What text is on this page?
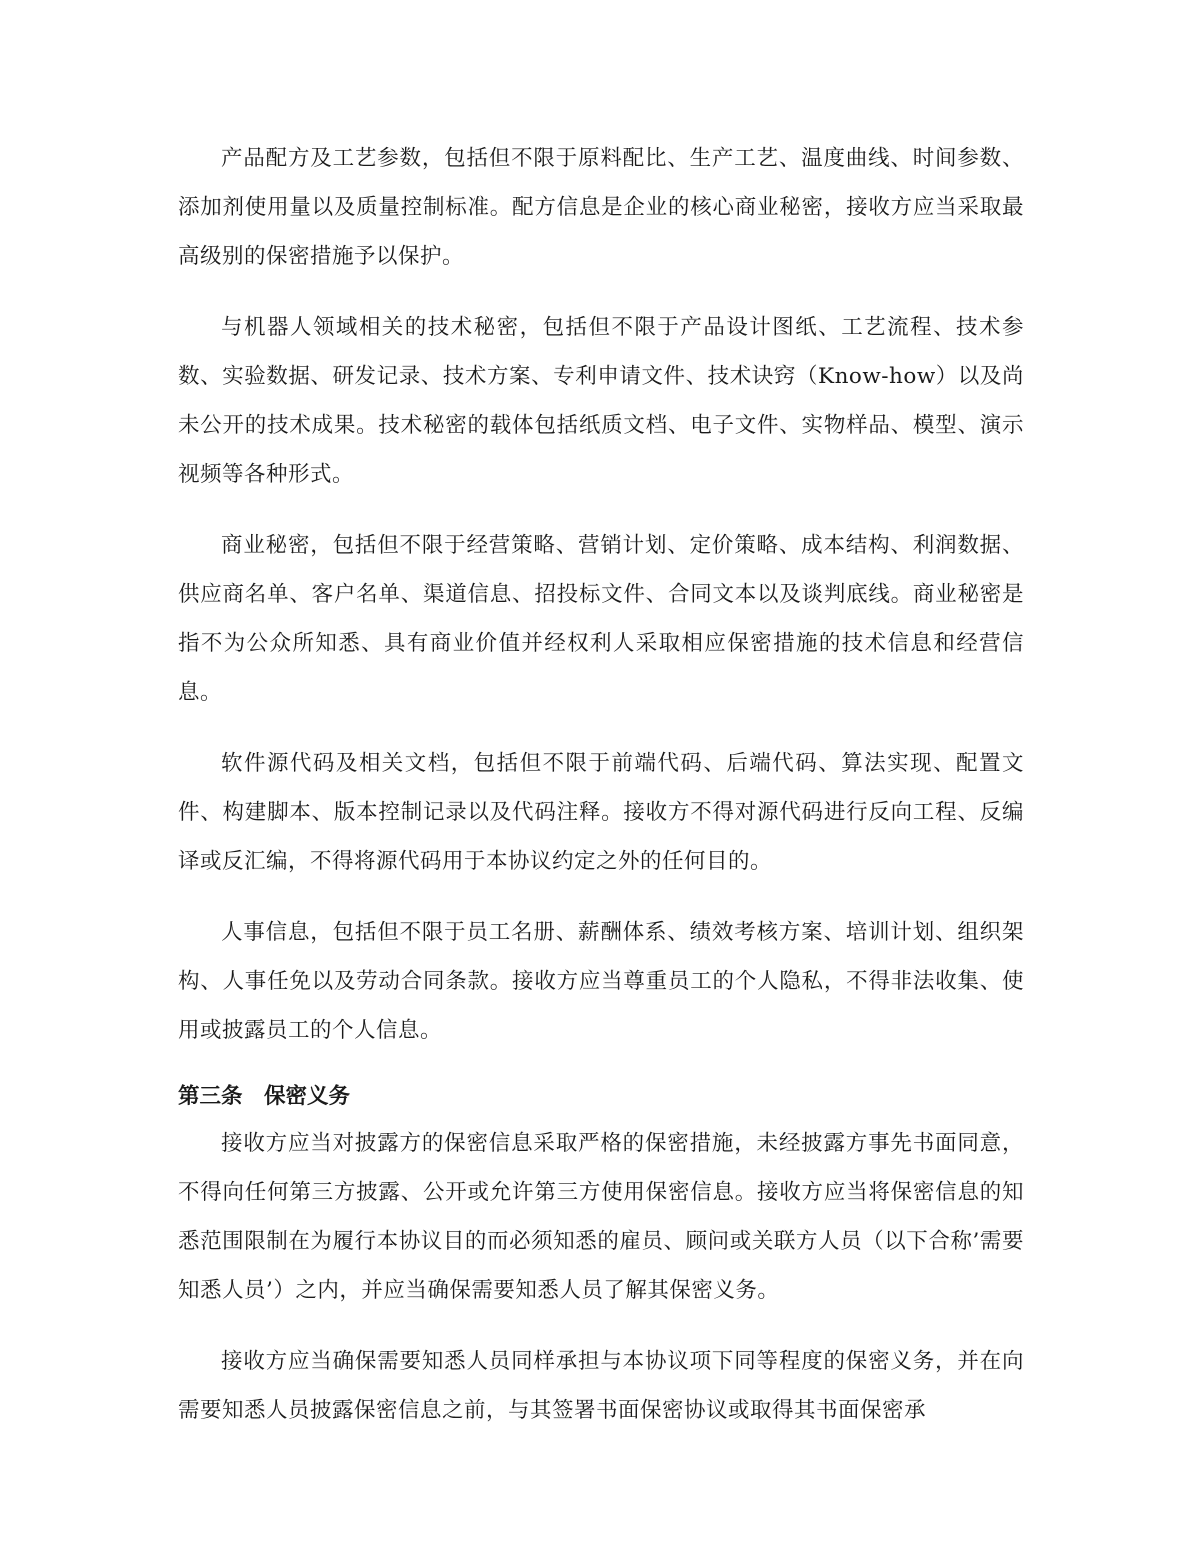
产品配方及工艺参数，包括但不限于原料配比、生产工艺、温度曲线、时间参数、添加剂使用量以及质量控制标准。配方信息是企业的核心商业秘密，接收方应当采取最高级别的保密措施予以保护。

与机器人领域相关的技术秘密，包括但不限于产品设计图纸、工艺流程、技术参数、实验数据、研发记录、技术方案、专利申请文件、技术诀窍（Know-how）以及尚未公开的技术成果。技术秘密的载体包括纸质文档、电子文件、实物样品、模型、演示视频等各种形式。

商业秘密，包括但不限于经营策略、营销计划、定价策略、成本结构、利润数据、供应商名单、客户名单、渠道信息、招投标文件、合同文本以及谈判底线。商业秘密是指不为公众所知悉、具有商业价值并经权利人采取相应保密措施的技术信息和经营信息。

软件源代码及相关文档，包括但不限于前端代码、后端代码、算法实现、配置文件、构建脚本、版本控制记录以及代码注释。接收方不得对源代码进行反向工程、反编译或反汇编，不得将源代码用于本协议约定之外的任何目的。

人事信息，包括但不限于员工名册、薪酬体系、绩效考核方案、培训计划、组织架构、人事任免以及劳动合同条款。接收方应当尊重员工的个人隐私，不得非法收集、使用或披露员工的个人信息。

第三条　保密义务

接收方应当对披露方的保密信息采取严格的保密措施，未经披露方事先书面同意，不得向任何第三方披露、公开或允许第三方使用保密信息。接收方应当将保密信息的知悉范围限制在为履行本协议目的而必须知悉的雇员、顾问或关联方人员（以下合称’需要知悉人员’）之内，并应当确保需要知悉人员了解其保密义务。

接收方应当确保需要知悉人员同样承担与本协议项下同等程度的保密义务，并在向需要知悉人员披露保密信息之前，与其签署书面保密协议或取得其书面保密承
